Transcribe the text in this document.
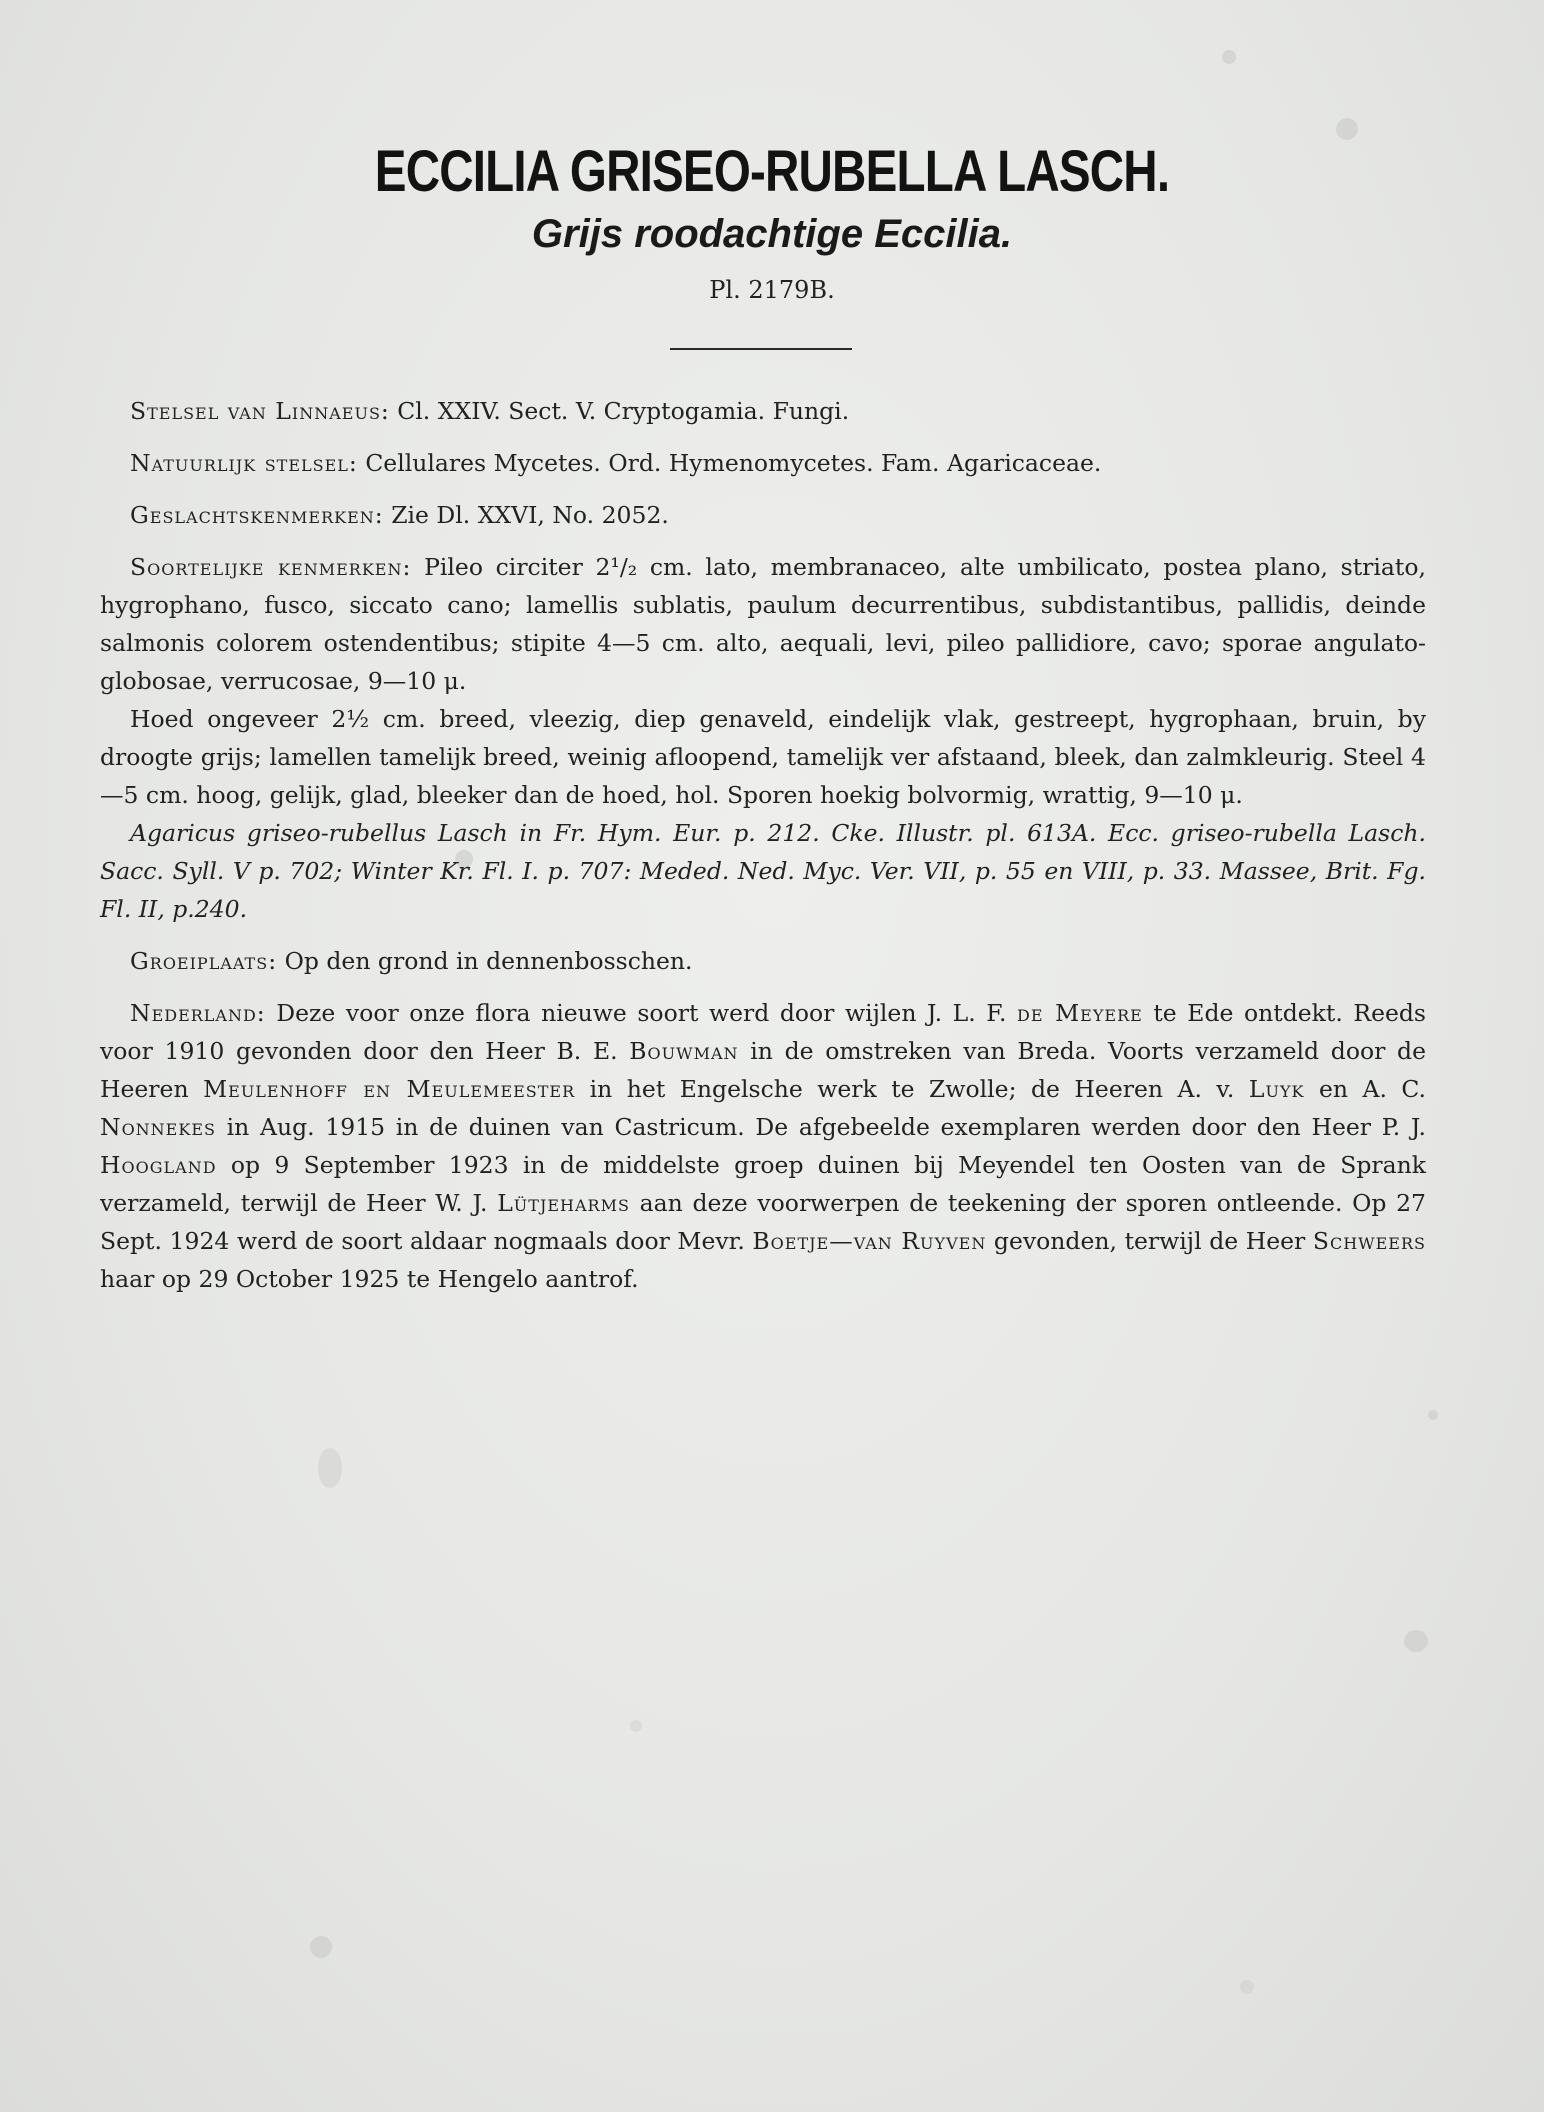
ECCILIA GRISEO-RUBELLA LASCH.
Grijs roodachtige Eccilia.
Pl. 2179B.

Stelsel van Linnaeus: Cl. XXIV. Sect. V. Cryptogamia. Fungi.

Natuurlijk stelsel: Cellulares Mycetes. Ord. Hymenomycetes. Fam. Agaricaceae.

Geslachtskenmerken: Zie Dl. XXVI, No. 2052.

Soortelijke kenmerken: Pileo circiter 2¹/₂ cm. lato, membranaceo, alte umbilicato, postea plano, striato, hygrophano, fusco, siccato cano; lamellis sublatis, paulum decurrentibus, subdistantibus, pallidis, deinde salmonis colorem ostendentibus; stipite 4—5 cm. alto, aequali, levi, pileo pallidiore, cavo; sporae angulato-globosae, verrucosae, 9—10 μ.

Hoed ongeveer 2½ cm. breed, vleezig, diep genaveld, eindelijk vlak, gestreept, hygrophaan, bruin, by droogte grijs; lamellen tamelijk breed, weinig afloopend, tamelijk ver afstaand, bleek, dan zalmkleurig. Steel 4—5 cm. hoog, gelijk, glad, bleeker dan de hoed, hol. Sporen hoekig bolvormig, wrattig, 9—10 μ.

Agaricus griseo-rubellus Lasch in Fr. Hym. Eur. p. 212. Cke. Illustr. pl. 613A. Ecc. griseo-rubella Lasch. Sacc. Syll. V p. 702; Winter Kr. Fl. I. p. 707: Meded. Ned. Myc. Ver. VII, p. 55 en VIII, p. 33. Massee, Brit. Fg. Fl. II, p.240.

Groeiplaats: Op den grond in dennenbosschen.

Nederland: Deze voor onze flora nieuwe soort werd door wijlen J. L. F. de Meyere te Ede ontdekt. Reeds voor 1910 gevonden door den Heer B. E. Bouwman in de omstreken van Breda. Voorts verzameld door de Heeren Meulenhoff en Meulemeester in het Engelsche werk te Zwolle; de Heeren A. v. Luyk en A. C. Nonnekes in Aug. 1915 in de duinen van Castricum. De afgebeelde exemplaren werden door den Heer P. J. Hoogland op 9 September 1923 in de middelste groep duinen bij Meyendel ten Oosten van de Sprank verzameld, terwijl de Heer W. J. Lütjeharms aan deze voorwerpen de teekening der sporen ontleende. Op 27 Sept. 1924 werd de soort aldaar nogmaals door Mevr. Boetje—van Ruyven gevonden, terwijl de Heer Schweers haar op 29 October 1925 te Hengelo aantrof.
